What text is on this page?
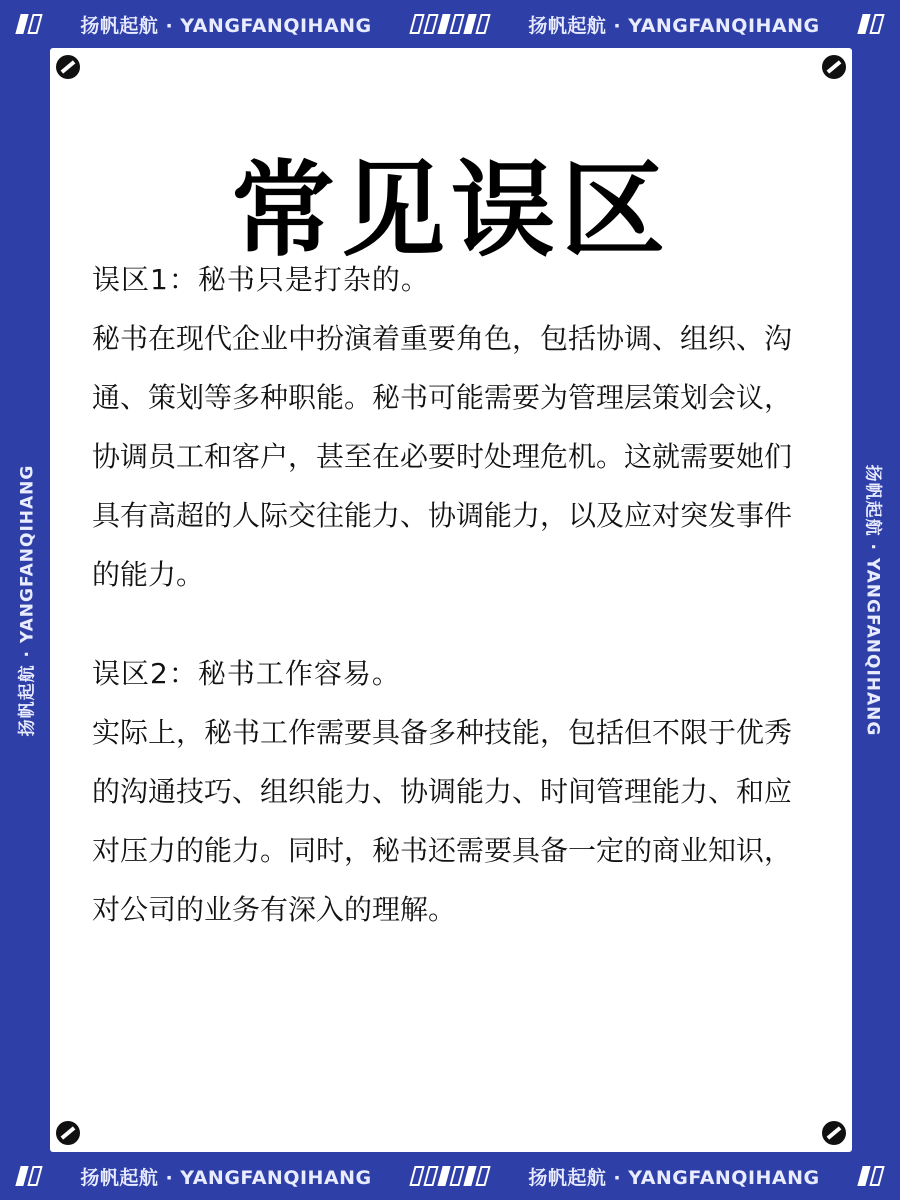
扬帆起航 · YANGFANQIHANG	扬帆起航 · YANGFANQIHANG
扬帆起航 · YANGFANQIHANG	扬帆起航 · YANGFANQIHANG
常见误区

误区1：秘书只是打杂的。

秘书在现代企业中扮演着重要角色，包括协调、组织、沟通、策划等多种职能。秘书可能需要为管理层策划会议，协调员工和客户，甚至在必要时处理危机。这就需要她们具有高超的人际交往能力、协调能力，以及应对突发事件的能力。

误区2：秘书工作容易。

实际上，秘书工作需要具备多种技能，包括但不限于优秀的沟通技巧、组织能力、协调能力、时间管理能力、和应对压力的能力。同时，秘书还需要具备一定的商业知识，对公司的业务有深入的理解。

扬帆起航 · YANGFANQIHANG	扬帆起航 · YANGFANQIHANG
